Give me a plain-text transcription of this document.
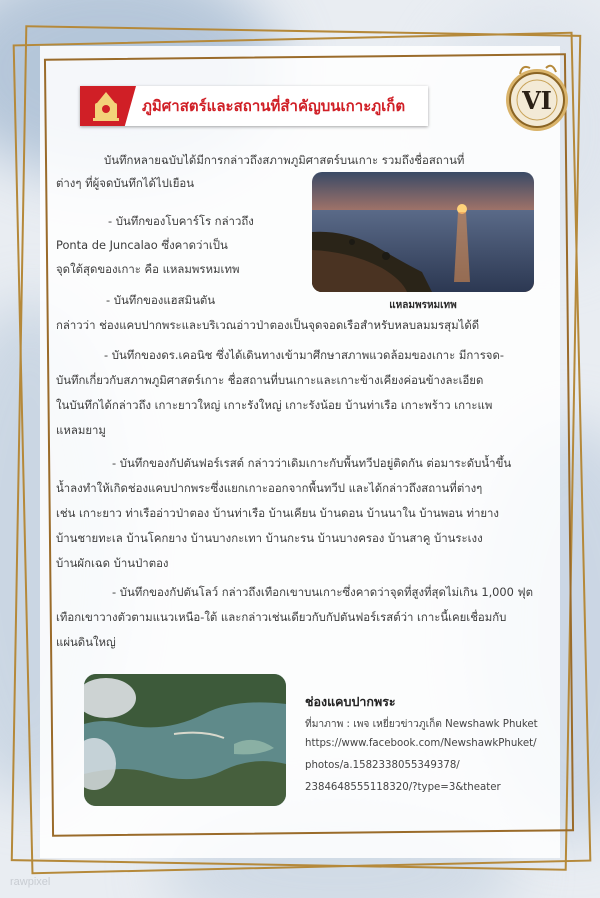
ภูมิศาสตร์และสถานที่สำคัญบนเกาะภูเก็ต	VI
บันทึกหลายฉบับได้มีการกล่าวถึงสภาพภูมิศาสตร์บนเกาะ รวมถึงชื่อสถานที่
ต่างๆ ที่ผู้จดบันทึกได้ไปเยือน
- บันทึกของโบคาร์โร กล่าวถึง
Ponta de Juncalao ซึ่งคาดว่าเป็น
จุดใต้สุดของเกาะ คือ แหลมพรหมเทพ
- บันทึกของแฮสมินตัน
กล่าวว่า ช่องแคบปากพระและบริเวณอ่าวป่าตองเป็นจุดจอดเรือสำหรับหลบลมมรสุมได้ดี
- บันทึกของดร.เคอนิช ซึ่งได้เดินทางเข้ามาศึกษาสภาพแวดล้อมของเกาะ มีการจด-
บันทึกเกี่ยวกับสภาพภูมิศาสตร์เกาะ ชื่อสถานที่บนเกาะและเกาะข้างเคียงค่อนข้างละเอียด
ในบันทึกได้กล่าวถึง เกาะยาวใหญ่ เกาะรังใหญ่ เกาะรังน้อย บ้านท่าเรือ เกาะพร้าว เกาะแพ
แหลมยามู
- บันทึกของกัปตันฟอร์เรสต์ กล่าวว่าเดิมเกาะกับพื้นทวีปอยู่ติดกัน ต่อมาระดับน้ำขึ้น
น้ำลงทำให้เกิดช่องแคบปากพระซึ่งแยกเกาะออกจากพื้นทวีป และได้กล่าวถึงสถานที่ต่างๆ
เช่น เกาะยาว ท่าเรืออ่าวป่าตอง บ้านท่าเรือ บ้านเคียน บ้านดอน บ้านนาใน บ้านพอน ท่ายาง
บ้านชายทะเล บ้านโคกยาง บ้านบางกะเทา บ้านกะรน บ้านบางครอง บ้านสาคู บ้านระเงง
บ้านผักเฉด บ้านป่าตอง
- บันทึกของกัปตันโลว์ กล่าวถึงเทือกเขาบนเกาะซึ่งคาดว่าจุดที่สูงที่สุดไม่เกิน 1,000 ฟุต
เทือกเขาวางตัวตามแนวเหนือ-ใต้ และกล่าวเช่นเดียวกับกัปตันฟอร์เรสต์ว่า เกาะนี้เคยเชื่อมกับ
แผ่นดินใหญ่
แหลมพรหมเทพ
ช่องแคบปากพระ
ที่มาภาพ : เพจ เหยี่ยวข่าวภูเก็ต Newshawk Phuket
https://www.facebook.com/NewshawkPhuket/
photos/a.1582338055349378/
2384648555118320/?type=3&theater
rawpixel
